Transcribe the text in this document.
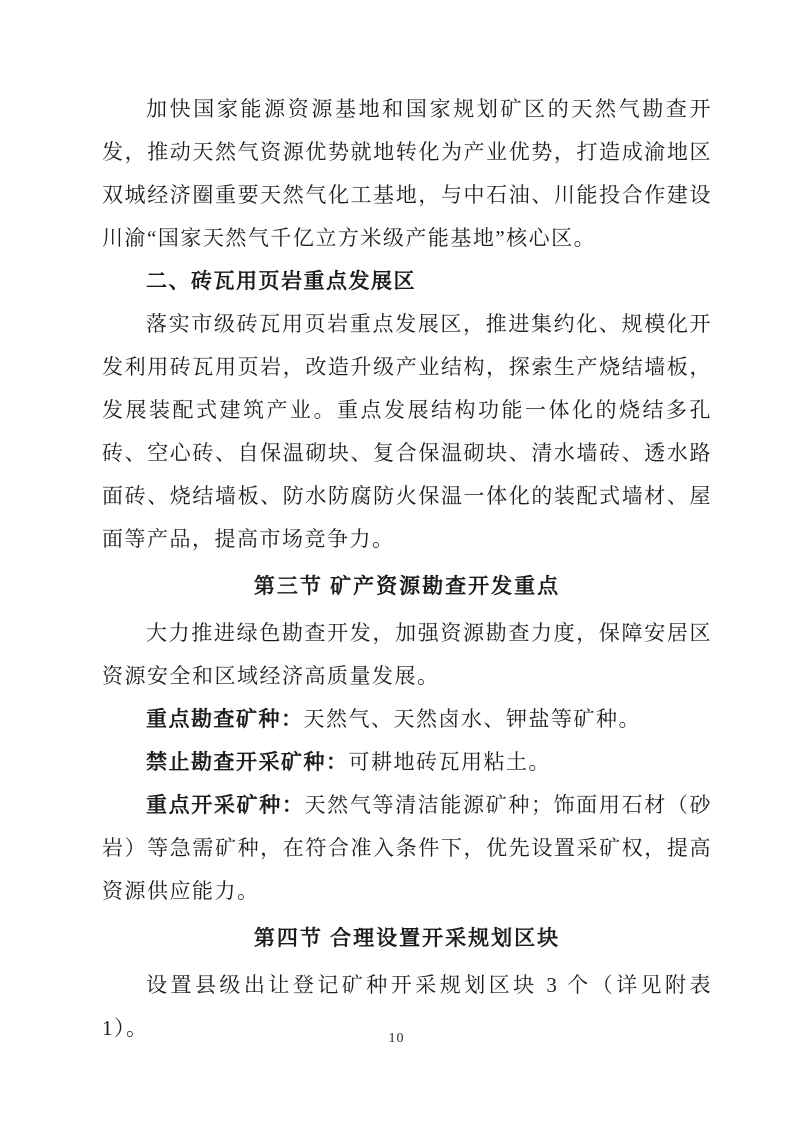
加快国家能源资源基地和国家规划矿区的天然气勘查开发，推动天然气资源优势就地转化为产业优势，打造成渝地区双城经济圈重要天然气化工基地，与中石油、川能投合作建设川渝“国家天然气千亿立方米级产能基地”核心区。

二、砖瓦用页岩重点发展区

落实市级砖瓦用页岩重点发展区，推进集约化、规模化开发利用砖瓦用页岩，改造升级产业结构，探索生产烧结墙板，发展装配式建筑产业。重点发展结构功能一体化的烧结多孔砖、空心砖、自保温砌块、复合保温砌块、清水墙砖、透水路面砖、烧结墙板、防水防腐防火保温一体化的装配式墙材、屋面等产品，提高市场竞争力。

第三节 矿产资源勘查开发重点

大力推进绿色勘查开发，加强资源勘查力度，保障安居区资源安全和区域经济高质量发展。

重点勘查矿种：天然气、天然卤水、钾盐等矿种。

禁止勘查开采矿种：可耕地砖瓦用粘土。

重点开采矿种：天然气等清洁能源矿种；饰面用石材（砂岩）等急需矿种，在符合准入条件下，优先设置采矿权，提高资源供应能力。

第四节 合理设置开采规划区块

设置县级出让登记矿种开采规划区块 3 个（详见附表 1）。	10
